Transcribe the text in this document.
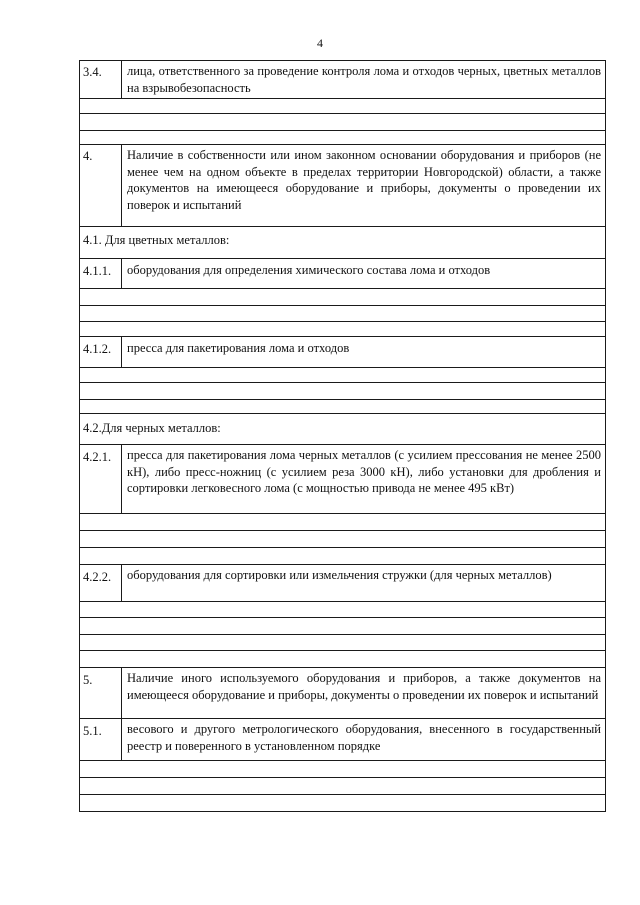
4
3.4. лица, ответственного за проведение контроля лома и отходов черных, цветных металлов на взрывобезопасность
4.	Наличие в собственности или ином законном основании оборудования и приборов (не менее чем на одном объекте в пределах территории Новгородской) области, а также документов на имеющееся оборудование и приборы, документы о проведении их поверок и испытаний
4.1. Для цветных металлов:
4.1.1. оборудования для определения химического состава лома и отходов
4.1.2. пресса для пакетирования лома и отходов
4.2.Для черных металлов:
4.2.1. пресса для пакетирования лома черных металлов (с усилием прессования не менее 2500 кН), либо пресс-ножниц (с усилием реза 3000 кН), либо установки для дробления и сортировки легковесного лома (с мощностью привода не менее 495 кВт)
4.2.2. оборудования для сортировки или измельчения стружки (для черных металлов)
5.	Наличие иного используемого оборудования и приборов, а также документов на имеющееся оборудование и приборы, документы о проведении их поверок и испытаний
5.1. весового и другого метрологического оборудования, внесенного в государственный реестр и поверенного в установленном порядке
